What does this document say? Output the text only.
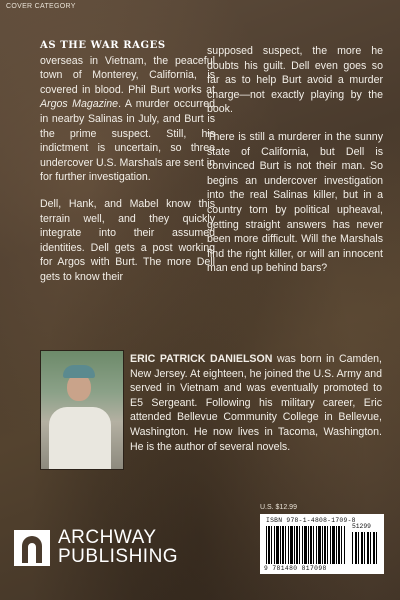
COVER CATEGORY

AS THE WAR RAGES
overseas in Vietnam, the peaceful town of Monterey, California, is covered in blood. Phil Burt works at Argos Magazine. A murder occurred in nearby Salinas in July, and Burt is the prime suspect. Still, his indictment is uncertain, so three undercover U.S. Marshals are sent in for further investigation.

Dell, Hank, and Mabel know this terrain well, and they quickly integrate into their assumed identities. Dell gets a post working for Argos with Burt. The more Dell gets to know their

supposed suspect, the more he doubts his guilt. Dell even goes so far as to help Burt avoid a murder charge—not exactly playing by the book.

There is still a murderer in the sunny state of California, but Dell is convinced Burt is not their man. So begins an undercover investigation into the real Salinas killer, but in a country torn by political upheaval, getting straight answers has never been more difficult. Will the Marshals find the right killer, or will an innocent man end up behind bars?

ERIC PATRICK DANIELSON was born in Camden, New Jersey. At eighteen, he joined the U.S. Army and served in Vietnam and was eventually promoted to E5 Sergeant. Following his military career, Eric attended Bellevue Community College in Bellevue, Washington. He now lives in Tacoma, Washington. He is the author of several novels.
U.S. $12.99
ISBN 978-1-4808-1709-8
51299
9 781480 817098
ARCHWAY
PUBLISHING
